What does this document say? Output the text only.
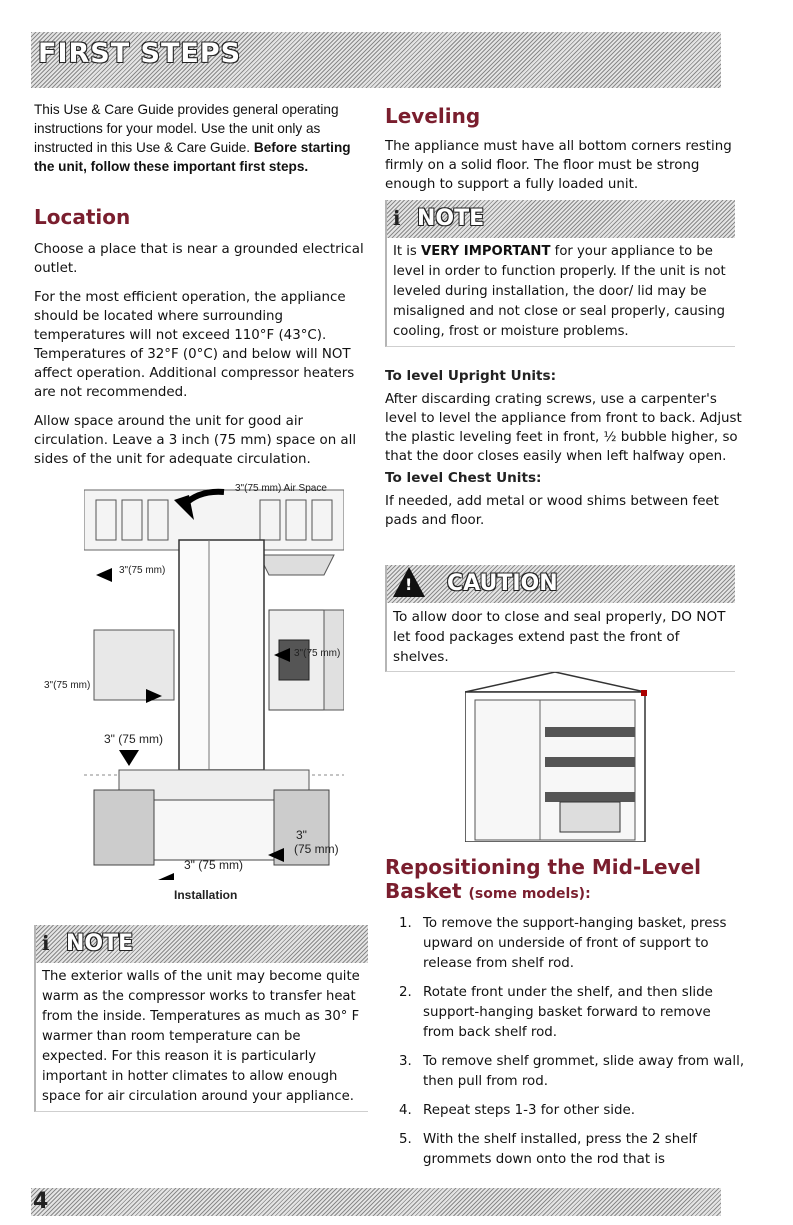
FIRST STEPS

This Use & Care Guide provides general operating instructions for your model. Use the unit only as instructed in this Use & Care Guide. Before starting the unit, follow these important first steps.

Location

Choose a place that is near a grounded electrical outlet.

For the most efficient operation, the appliance should be located where surrounding temperatures will not exceed 110°F (43°C). Temperatures of 32°F (0°C) and below will NOT affect operation. Additional compressor heaters are not recommended.

Allow space around the unit for good air circulation. Leave a 3 inch (75 mm) space on all sides of the unit for adequate circulation.

3"(75 mm) Air Space
3"(75 mm)
3"(75 mm)
3"(75 mm)
3" (75 mm)
3"
(75 mm)
3" (75 mm)
Installation
ℹ NOTE
The exterior walls of the unit may become quite warm as the compressor works to transfer heat from the inside. Temperatures as much as 30° F warmer than room temperature can be expected. For this reason it is particularly important in hotter climates to allow enough space for air circulation around your appliance.
Leveling

The appliance must have all bottom corners resting firmly on a solid floor. The floor must be strong enough to support a fully loaded unit.

ℹ NOTE
It is VERY IMPORTANT for your appliance to be level in order to function properly. If the unit is not leveled during installation, the door/ lid may be misaligned and not close or seal properly, causing cooling, frost or moisture problems.
To level Upright Units:

After discarding crating screws, use a carpenter's level to level the appliance from front to back. Adjust the plastic leveling feet in front, ½ bubble higher, so that the door closes easily when left halfway open.

To level Chest Units:

If needed, add metal or wood shims between feet pads and floor.

! CAUTION
To allow door to close and seal properly, DO NOT let food packages extend past the front of shelves.
Repositioning the Mid-Level
Basket (some models):
1. To remove the support-hanging basket, press upward on underside of front of support to release from shelf rod.
2. Rotate front under the shelf, and then slide support-hanging basket forward to remove from back shelf rod.
3. To remove shelf grommet, slide away from wall, then pull from rod.
4. Repeat steps 1-3 for other side.
5. With the shelf installed, press the 2 shelf grommets down onto the rod that is
4
